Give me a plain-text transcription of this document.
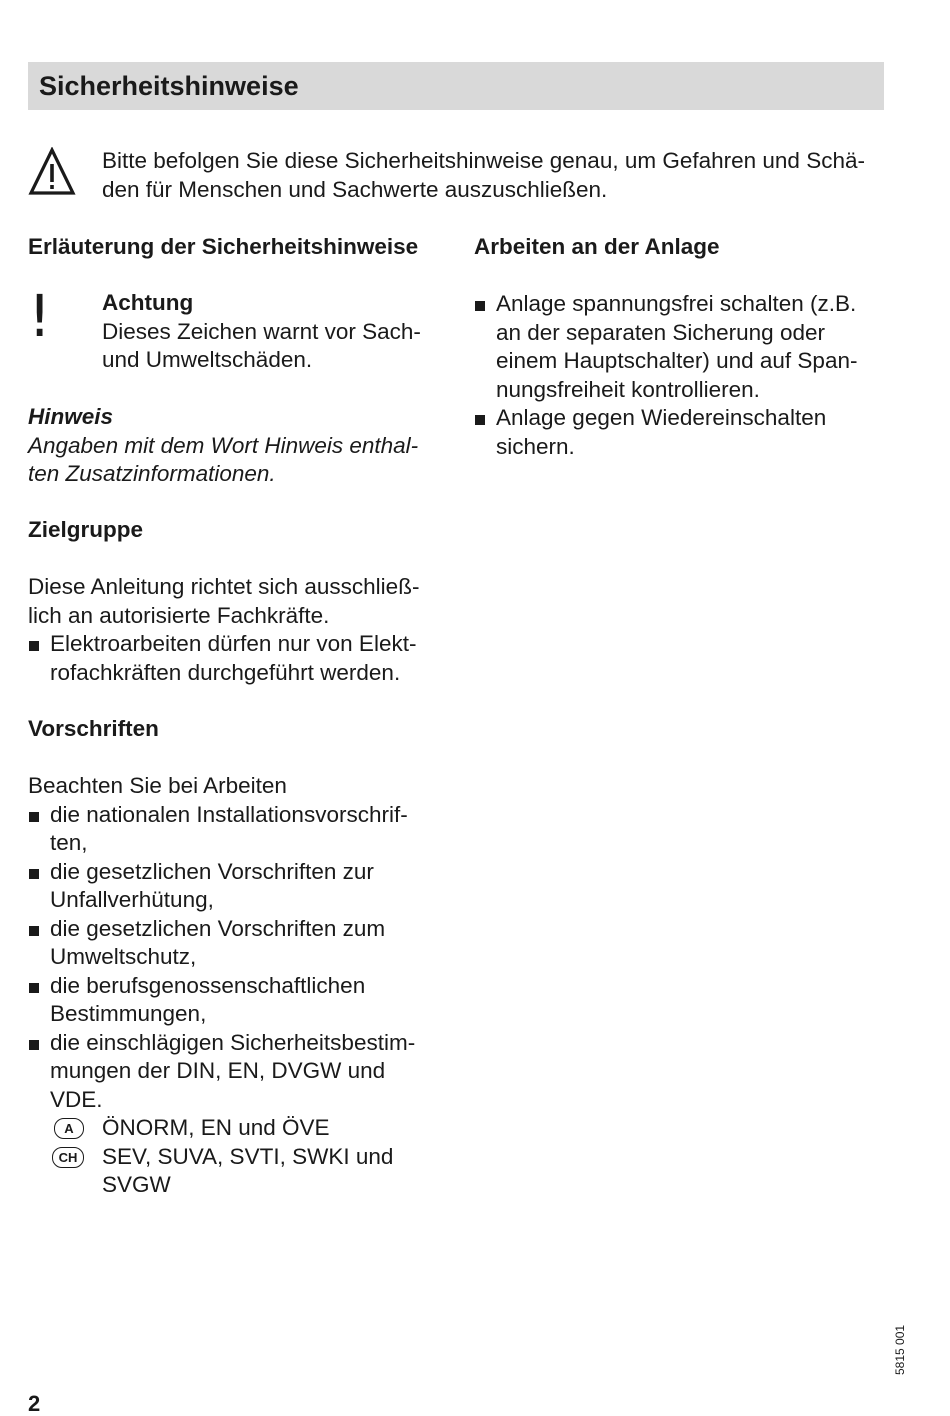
Sicherheitshinweise
Bitte befolgen Sie diese Sicherheitshinweise genau, um Gefahren und Schä-
den für Menschen und Sachwerte auszuschließen.
Erläuterung der Sicherheitshinweise
! Achtung
Dieses Zeichen warnt vor Sach-
und Umweltschäden.
Hinweis
Angaben mit dem Wort Hinweis enthal-
ten Zusatzinformationen.
Zielgruppe
Diese Anleitung richtet sich ausschließ-
lich an autorisierte Fachkräfte.
Elektroarbeiten dürfen nur von Elekt-
rofachkräften durchgeführt werden.
Vorschriften
Beachten Sie bei Arbeiten
die nationalen Installationsvorschrif-
ten,
die gesetzlichen Vorschriften zur
Unfallverhütung,
die gesetzlichen Vorschriften zum
Umweltschutz,
die berufsgenossenschaftlichen
Bestimmungen,
die einschlägigen Sicherheitsbestim-
mungen der DIN, EN, DVGW und
VDE.
A	ÖNORM, EN und ÖVE
CH SEV, SUVA, SVTI, SWKI und
SVGW
Arbeiten an der Anlage
Anlage spannungsfrei schalten (z.B.
an der separaten Sicherung oder
einem Hauptschalter) und auf Span-
nungsfreiheit kontrollieren.
Anlage gegen Wiedereinschalten
sichern.
5815 001
2
